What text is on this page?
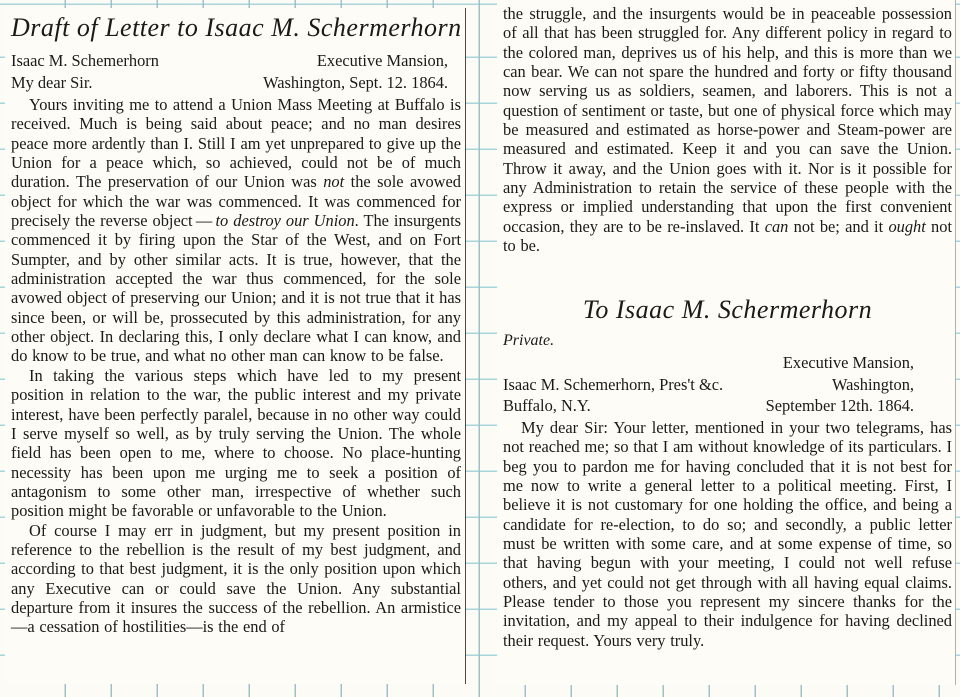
Draft of Letter to Isaac M. Schermerhorn
Isaac M. Schemerhorn	Executive Mansion,
My dear Sir.	Washington, Sept. 12. 1864.

Yours inviting me to attend a Union Mass Meeting at Buffalo is received. Much is being said about peace; and no man desires peace more ardently than I. Still I am yet unprepared to give up the Union for a peace which, so achieved, could not be of much duration. The preservation of our Union was not the sole avowed object for which the war was commenced. It was commenced for precisely the reverse object — to destroy our Union. The insurgents commenced it by firing upon the Star of the West, and on Fort Sumpter, and by other similar acts. It is true, however, that the administration accepted the war thus commenced, for the sole avowed object of preserving our Union; and it is not true that it has since been, or will be, prossecuted by this administration, for any other object. In declaring this, I only declare what I can know, and do know to be true, and what no other man can know to be false.

In taking the various steps which have led to my present position in relation to the war, the public interest and my private interest, have been perfectly paralel, because in no other way could I serve myself so well, as by truly serving the Union. The whole field has been open to me, where to choose. No place-hunting necessity has been upon me urging me to seek a position of antagonism to some other man, irrespective of whether such position might be favorable or unfavorable to the Union.

Of course I may err in judgment, but my present position in reference to the rebellion is the result of my best judgment, and according to that best judgment, it is the only position upon which any Executive can or could save the Union. Any substantial departure from it insures the success of the rebellion. An armistice—a cessation of hostilities—is the end of

the struggle, and the insurgents would be in peaceable possession of all that has been struggled for. Any different policy in regard to the colored man, deprives us of his help, and this is more than we can bear. We can not spare the hundred and forty or fifty thousand now serving us as soldiers, seamen, and laborers. This is not a question of sentiment or taste, but one of physical force which may be measured and estimated as horse-power and Steam-power are measured and estimated. Keep it and you can save the Union. Throw it away, and the Union goes with it. Nor is it possible for any Administration to retain the service of these people with the express or implied understanding that upon the first convenient occasion, they are to be re-inslaved. It can not be; and it ought not to be.

To Isaac M. Schermerhorn
Private.
Executive Mansion,
Isaac M. Schemerhorn, Pres't &c.	Washington,
Buffalo, N.Y.	September 12th. 1864.

My dear Sir: Your letter, mentioned in your two telegrams, has not reached me; so that I am without knowledge of its particulars. I beg you to pardon me for having concluded that it is not best for me now to write a general letter to a political meeting. First, I believe it is not customary for one holding the office, and being a candidate for re-election, to do so; and secondly, a public letter must be written with some care, and at some expense of time, so that having begun with your meeting, I could not well refuse others, and yet could not get through with all having equal claims. Please tender to those you represent my sincere thanks for the invitation, and my appeal to their indulgence for having declined their request. Yours very truly.
